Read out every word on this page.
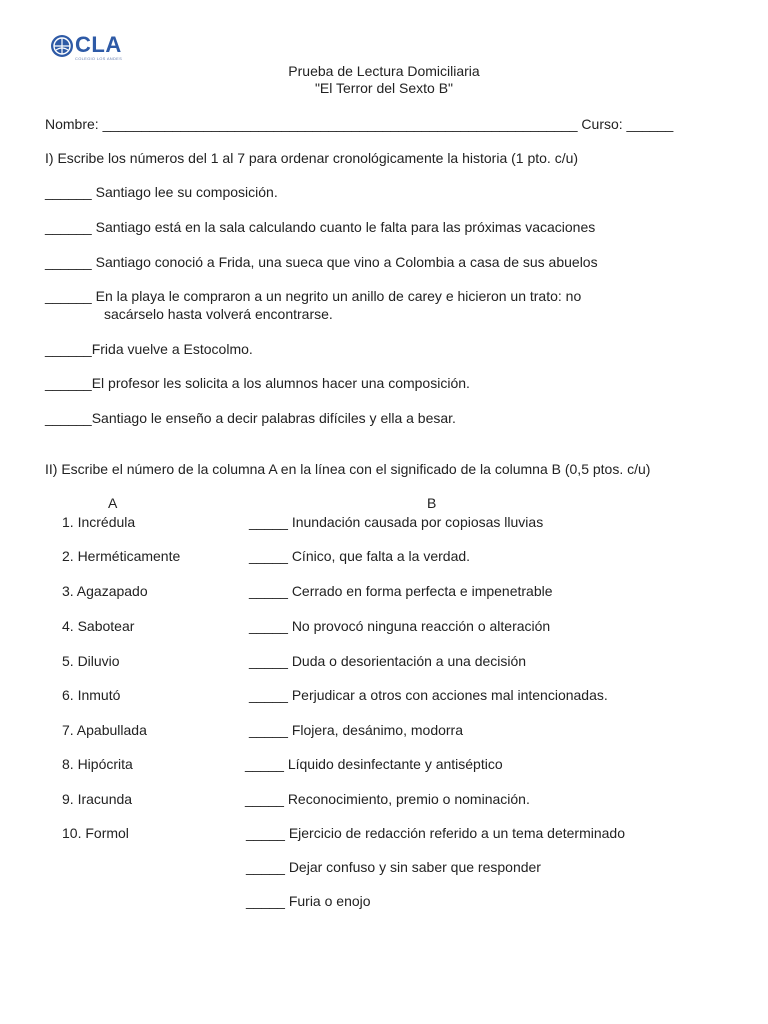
CLA
COLEGIO LOS ANDES
Prueba de Lectura Domiciliaria
"El Terror del Sexto B"
Nombre: _____________________________________________________________ Curso: ______
I) Escribe los números del 1 al 7 para ordenar cronológicamente la historia (1 pto. c/u)
______ Santiago lee su composición.
______ Santiago está en la sala calculando cuanto le falta para las próximas vacaciones
______ Santiago conoció a Frida, una sueca que vino a Colombia a casa de sus abuelos
______ En la playa le compraron a un negrito un anillo de carey e hicieron un trato: no
sacárselo hasta volverá encontrarse.
______Frida vuelve a Estocolmo.
______El profesor les solicita a los alumnos hacer una composición.
______Santiago le enseño a decir palabras difíciles y ella a besar.
II) Escribe el número de la columna A en la línea con el significado de la columna B (0,5 ptos. c/u)
A	B
1. Incrédula
2. Herméticamente
3. Agazapado
4. Sabotear
5. Diluvio
6. Inmutó
7. Apabullada
8. Hipócrita
9. Iracunda
10. Formol
_____ Inundación causada por copiosas lluvias
_____ Cínico, que falta a la verdad.
_____ Cerrado en forma perfecta e impenetrable
_____ No provocó ninguna reacción o alteración
_____ Duda o desorientación a una decisión
_____ Perjudicar a otros con acciones mal intencionadas.
_____ Flojera, desánimo, modorra
_____ Líquido desinfectante y antiséptico
_____ Reconocimiento, premio o nominación.
_____ Ejercicio de redacción referido a un tema determinado
_____ Dejar confuso y sin saber que responder
_____ Furia o enojo
